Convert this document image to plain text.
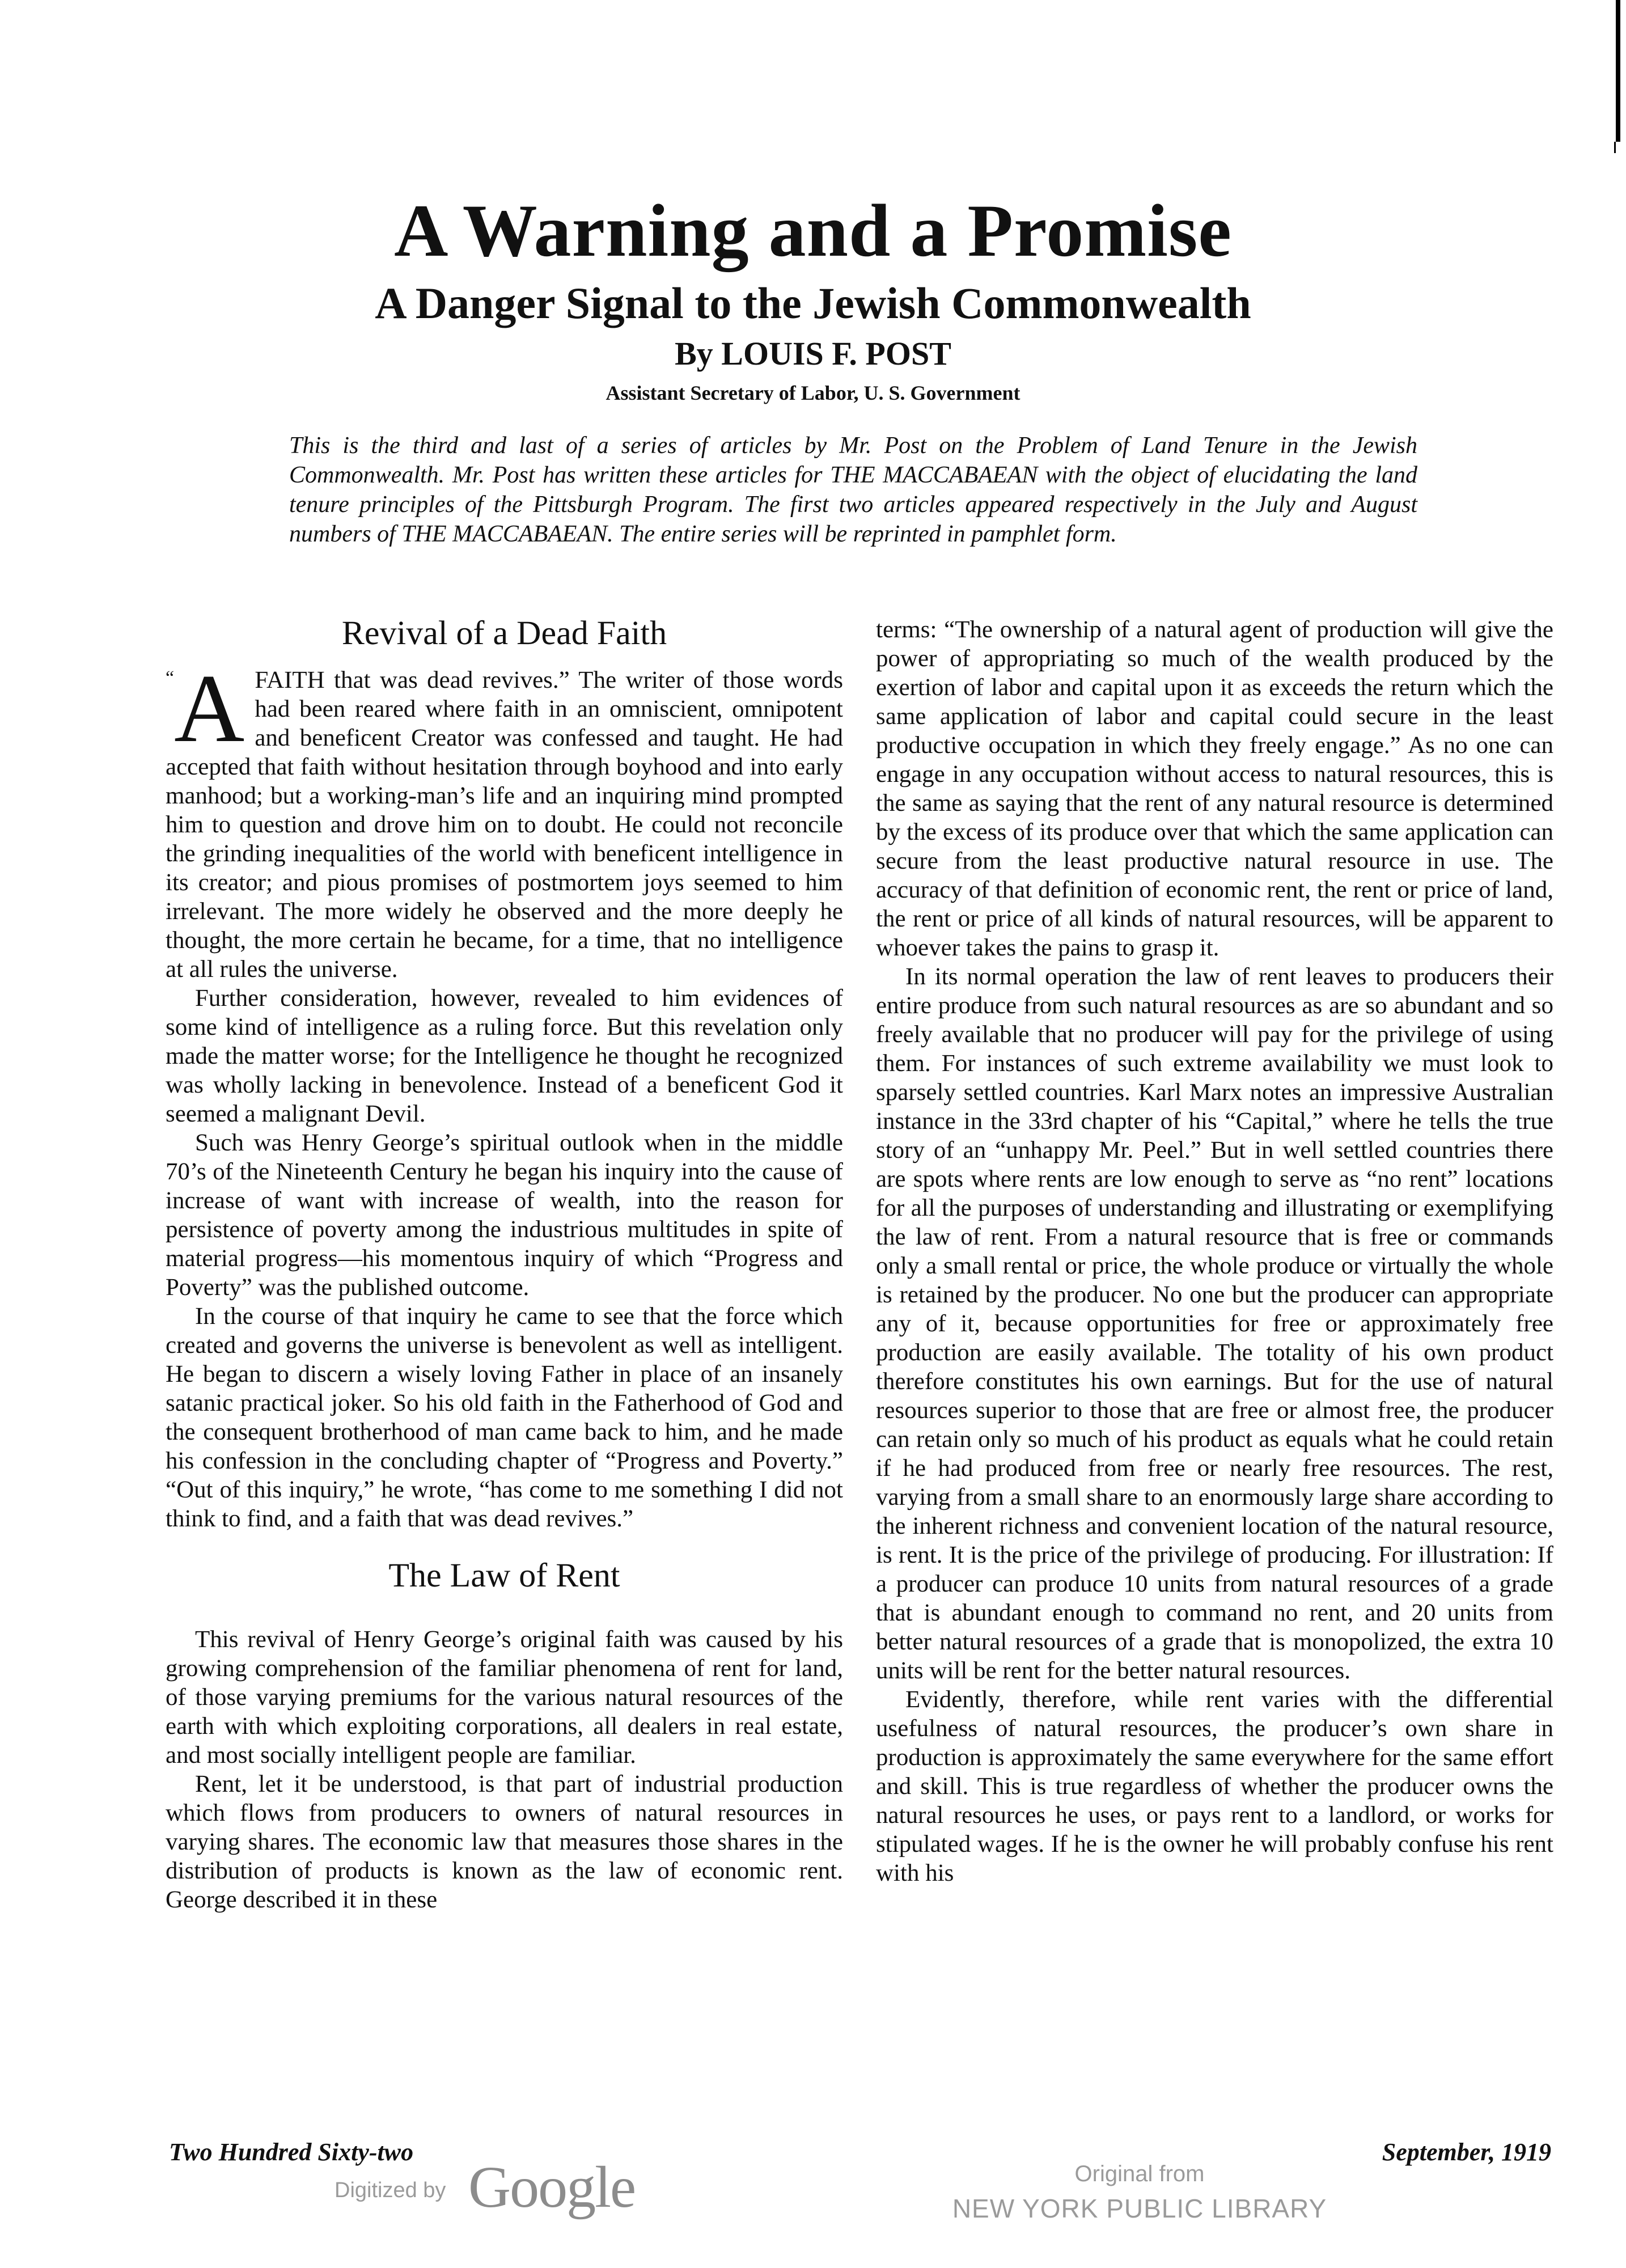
A Warning and a Promise
A Danger Signal to the Jewish Commonwealth
By LOUIS F. POST
Assistant Secretary of Labor, U. S. Government
This is the third and last of a series of articles by Mr. Post on the Problem of Land Tenure in the Jewish Commonwealth. Mr. Post has written these articles for THE MACCABAEAN with the object of elucidating the land tenure principles of the Pittsburgh Program. The first two articles appeared respectively in the July and August numbers of THE MACCABAEAN. The entire series will be reprinted in pamphlet form.
Revival of a Dead Faith

“ A FAITH that was dead revives.” The writer of those words had been reared where faith in an omniscient, omnipotent and beneficent Creator was confessed and taught. He had accepted that faith without hesitation through boyhood and into early manhood; but a working-man’s life and an inquiring mind prompted him to question and drove him on to doubt. He could not reconcile the grinding inequalities of the world with beneficent intelligence in its creator; and pious promises of postmortem joys seemed to him irrelevant. The more widely he observed and the more deeply he thought, the more certain he became, for a time, that no intelligence at all rules the universe.

Further consideration, however, revealed to him evidences of some kind of intelligence as a ruling force. But this revelation only made the matter worse; for the Intelligence he thought he recognized was wholly lacking in benevolence. Instead of a beneficent God it seemed a malignant Devil.

Such was Henry George’s spiritual outlook when in the middle 70’s of the Nineteenth Century he began his inquiry into the cause of increase of want with increase of wealth, into the reason for persistence of poverty among the industrious multitudes in spite of material progress—his momentous inquiry of which “Progress and Poverty” was the published outcome.

In the course of that inquiry he came to see that the force which created and governs the universe is benevolent as well as intelligent. He began to discern a wisely loving Father in place of an insanely satanic practical joker. So his old faith in the Fatherhood of God and the consequent brotherhood of man came back to him, and he made his confession in the concluding chapter of “Progress and Poverty.” “Out of this inquiry,” he wrote, “has come to me something I did not think to find, and a faith that was dead revives.”

The Law of Rent

This revival of Henry George’s original faith was caused by his growing comprehension of the familiar phenomena of rent for land, of those varying premiums for the various natural resources of the earth with which exploiting corporations, all dealers in real estate, and most socially intelligent people are familiar.

Rent, let it be understood, is that part of industrial production which flows from producers to owners of natural resources in varying shares. The economic law that measures those shares in the distribution of products is known as the law of economic rent. George described it in these

terms: “The ownership of a natural agent of production will give the power of appropriating so much of the wealth produced by the exertion of labor and capital upon it as exceeds the return which the same application of labor and capital could secure in the least productive occupation in which they freely engage.” As no one can engage in any occupation without access to natural resources, this is the same as saying that the rent of any natural resource is determined by the excess of its produce over that which the same application can secure from the least productive natural resource in use. The accuracy of that definition of economic rent, the rent or price of land, the rent or price of all kinds of natural resources, will be apparent to whoever takes the pains to grasp it.

In its normal operation the law of rent leaves to producers their entire produce from such natural resources as are so abundant and so freely available that no producer will pay for the privilege of using them. For instances of such extreme availability we must look to sparsely settled countries. Karl Marx notes an impressive Australian instance in the 33rd chapter of his “Capital,” where he tells the true story of an “unhappy Mr. Peel.” But in well settled countries there are spots where rents are low enough to serve as “no rent” locations for all the purposes of understanding and illustrating or exemplifying the law of rent. From a natural resource that is free or commands only a small rental or price, the whole produce or virtually the whole is retained by the producer. No one but the producer can appropriate any of it, because opportunities for free or approximately free production are easily available. The totality of his own product therefore constitutes his own earnings. But for the use of natural resources superior to those that are free or almost free, the producer can retain only so much of his product as equals what he could retain if he had produced from free or nearly free resources. The rest, varying from a small share to an enormously large share according to the inherent richness and convenient location of the natural resource, is rent. It is the price of the privilege of producing. For illustration: If a producer can produce 10 units from natural resources of a grade that is abundant enough to command no rent, and 20 units from better natural resources of a grade that is monopolized, the extra 10 units will be rent for the better natural resources.

Evidently, therefore, while rent varies with the differential usefulness of natural resources, the producer’s own share in production is approximately the same everywhere for the same effort and skill. This is true regardless of whether the producer owns the natural resources he uses, or pays rent to a landlord, or works for stipulated wages. If he is the owner he will probably confuse his rent with his

Two Hundred Sixty-two	September, 1919
Digitized by Google	Original from
NEW YORK PUBLIC LIBRARY
